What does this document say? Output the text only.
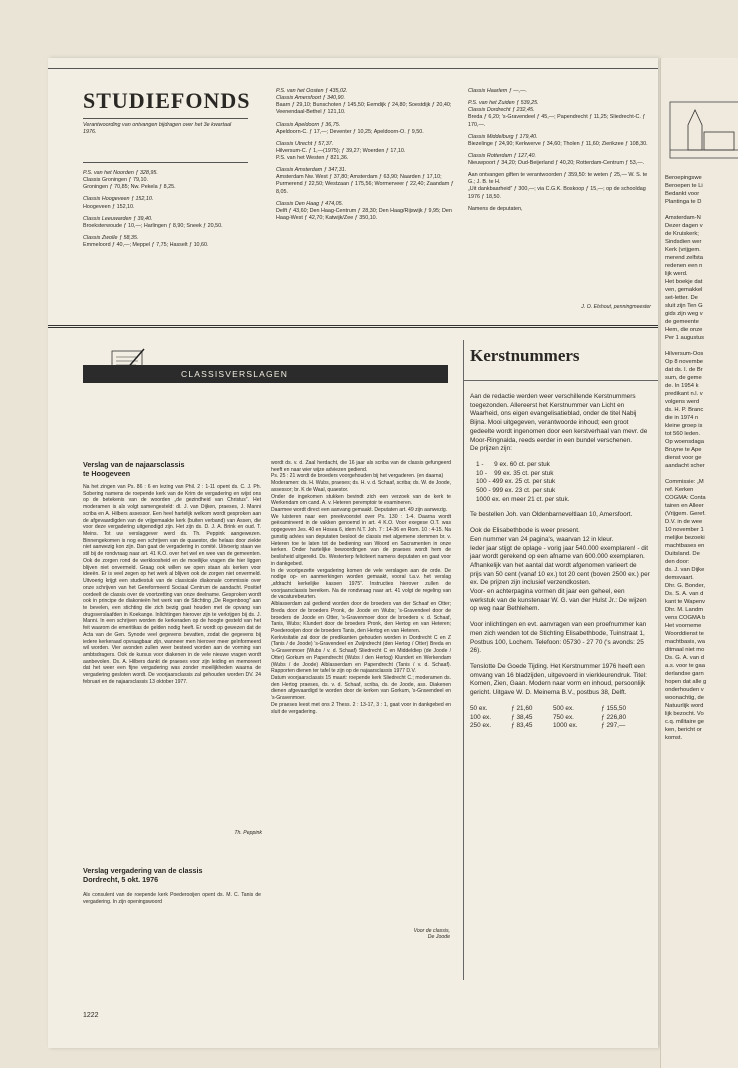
STUDIEFONDS
Verantwoording van ontvangen bijdragen over het 3e kwartaal 1976.

P.S. van het Noorden ƒ 328,95.
Classis Groningen ƒ 79,10.
Groningen ƒ 70,85; Nw. Pekela ƒ 8,25.

Classis Hoogeveen ƒ 152,10.
Hoogeveen ƒ 152,10.

Classis Leeuwarden ƒ 39,40.
Broeksterwoude ƒ 10,—; Harlingen ƒ 8,90; Sneek ƒ 20,50.

Classis Zwolle ƒ 58,35.
Emmeloord ƒ 40,—; Meppel ƒ 7,75; Hasselt ƒ 10,60.

P.S. van het Oosten ƒ 435,02.
Classis Amersfoort ƒ 340,90.
Baarn ƒ 29,10; Bunschoten ƒ 145,50; Eemdijk ƒ 24,80; Soestdijk ƒ 20,40; Veenendaal-Bethel ƒ 121,10.

Classis Apeldoorn ƒ 36,75.
Apeldoorn-C. ƒ 17,—; Deventer ƒ 10,25; Apeldoorn-O. ƒ 9,50.

Classis Utrecht ƒ 57,37.
Hilversum-C. ƒ 1,—(1975); ƒ 39,27; Woerden ƒ 17,10.
P.S. van het Westen ƒ 821,36.

Classis Amsterdam ƒ 347,31.
Amsterdam Nw. West ƒ 37,80; Amsterdam ƒ 63,90; Naarden ƒ 17,10; Purmerend ƒ 22,50; Westzaan ƒ 175,56; Wormerveer ƒ 22,40; Zaandam ƒ 8,05.

Classis Den Haag ƒ 474,05.
Delft ƒ 43,60; Den Haag-Centrum ƒ 28,30; Den Haag/Rijswijk ƒ 9,95; Den Haag-West ƒ 42,70; Katwijk/Zee ƒ 350,10.

Classis Haarlem ƒ —,—.

P.S. van het Zuiden ƒ 539,25.
Classis Dordrecht ƒ 232,45.
Breda ƒ 6,20; 's-Gravendeel ƒ 45,—; Papendrecht ƒ 11,25; Sliedrecht-C. ƒ 170,—.

Classis Middelburg ƒ 179,40.
Biezelinge ƒ 24,90; Kerkwerve ƒ 34,60; Tholen ƒ 11,60; Zierikzee ƒ 108,30.

Classis Rotterdam ƒ 127,40.
Nieuwpoort ƒ 34,20; Oud-Beijerland ƒ 40,20; Rotterdam-Centrum ƒ 53,—.

Aan ontvangen giften te verantwoorden ƒ 359,50: te weten ƒ 25,— W. S. te G.; J. B. te H.
„Uit dankbaarheid” ƒ 300,—; via C.G.K. Boskoop ƒ 15,—; op de schooldag 1976 ƒ 18,50.

Namens de deputaten,

J. O. Elshout, penningmeester
CLASSISVERSLAGEN
Verslag van de najaarsclassis
te Hoogeveen
Na het zingen van Ps. 86 : 6 en lezing van Phil. 2 : 1-11 opent ds. C. J. Ph. Sobering namens de roepende kerk van de Krim de vergadering en wijst ons op de betekenis van de woorden „de gezindheid van Christus”. Het moderamen is als volgt samengesteld: dl. J. van Dijken, praeses, J. Manni scriba en A. Hilbers assessor. Een heel hartelijk welkom wordt gesproken aan de afgevaardigden van de vrijgemaakte kerk (buiten verband) van Assen, die voor deze vergadering uitgenodigd zijn. Het zijn ds. D. J. A. Brink en oud. T. Meins. Tot uw verslaggever werd ds. Th. Peppink aangewezen. Binnengekomen is nog een schrijven van de quaestor, die helaas door ziekte niet aanwezig kon zijn. Dan gaat de vergadering in comité. Uitvoerig staan we stil bij de rondvraag naar art. 41 K.O. over het wel en wee van de gemeenten. Ook de zorgen rond de werkloosheid en de moeilijke vragen die hier liggen blijven niet onvermeld. Graag ook willen we open staan als kerken voor ideeën. Er is veel zegen op het werk al blijven ook de zorgen niet onvermeld. Uitvoerig krijgt een studiestuk van de classicale diakonale commissie over onze schrijven van het Gereformeerd Sociaal Centrum de aandacht. Positief oordeelt de classis over de voortzetting van onze deelname. Gesproken wordt ook in principe de diakonieën het werk van de Stichting „De Regenboog” aan te bevelen, een stichting die zich bezig gaat houden met de opvang van drugsverslaafden in Koekange. Inlichtingen hierover zijn te verkrijgen bij ds. J. Manni. In een schrijven worden de kerkeraden op de hoogte gesteld van het feit waarom de emeritikas de gelden nodig heeft. Er wordt op gewezen dat de Acta van de Gen. Synode veel gegevens bevatten, zodat die gegevens bij iedere kerkeraad opvraagbaar zijn, wanneer men hierover meer geïnformeerd wil worden. Vier avonden zullen weer besteed worden aan de vorming van ambtsdragers. Ook de kursus voor diakenen in de vele nieuwe vragen wordt aanbevolen. Ds. A. Hilbers dankt de praeses voor zijn leiding en memoreert dat het weer een fijne vergadering was zonder moeilijkheden waarna de vergadering gesloten wordt. De voorjaarsclassis zal gehouden worden DV. 24 februari en de najaarsclassis 13 oktober 1977.
Th. Peppink
Verslag vergadering van de classis
Dordrecht, 5 okt. 1976
Als consulent van de roepende kerk Poederooijen opent ds. M. C. Tanis de vergadering. In zijn openingswoord
wordt ds. v. d. Zaal herdacht, die 16 jaar als scriba van de classis gefungeerd heeft en naar wier wijze adviezen gediend.
Ps. 25 : 21 wordt de broeders voorgehouden bij het vergaderen. (en daarna)
Moderamen: ds. H. Wubs, praeses; ds. H. v. d. Schaaf, scriba; ds. W. de Joode, assessor; br. K de Waal, quaestor.
Onder de ingekomen stukken bevindt zich een verzoek van de kerk te Werkendam om cand. A. v. Heteren peremptoir te examineren.
Daarmee wordt direct een aanvang gemaakt. Deputaten art. 49 zijn aanwezig.
We luisteren naar een preekvoorstel over Ps. 130 : 1-4. Daarna wordt geëxamineerd in de vakken genoemd in art. 4 K.O. Voor exegese O.T. was opgegeven Jes. 40 en Hosea 6, idem N.T. Joh. 7 : 14-36 en Rom. 10 : 4-15. Na gunstig advies van deputaten besloot de classis met algemene stemmen br. v. Heteren toe te laten tot de bediening van Woord en Sacramenten in onze kerken. Onder hartelijke bewoordingen van de praeses wordt hem de beslisheid uitgereikt. Ds. Westerterp feliciteert namens deputaten en gaat voor in dankgebed.
In de voortgezette vergadering komen de vele verslagen aan de orde. De nodige op- en aanmerkingen worden gemaakt, vooral t.a.v. het verslag „afdracht kerkelijke kassen 1975”. Instructies hierover zullen de voorjaarsclassis bereiken. Na de rondvraag naar art. 41 volgt de regeling van de vacaturebeurten.
Alblasserdam zal gediend worden door de broeders van der Schaaf en Otter; Breda door de broeders Pronk, de Joode en Wubs; 's-Gravendeel door de broeders de Joode en Otter, 's-Gravenmoer door de broeders v. d. Schaaf, Tanis, Wubs; Klundert door de broeders Pronk, den Hertog en van Heteren; Poederooijen door de broeders Tanis, den Hertog en van Heteren.
Kerkvisitatie zal door de predikanten gehouden worden in Dordrecht C en Z (Tanis / de Joode) 's-Gravendeel en Zwijndrecht (den Hertog / Otter) Breda en 's-Gravenmoer (Wubs / v. d. Schaaf) Sliedrecht C en Middeldiep (de Joode / Otter) Gorkum en Papendrecht (Wubs / den Hertog) Klundert en Werkendam (Wubs / de Joode) Alblasserdam en Papendrecht (Tanis / v. d. Schaaf). Rapporten dienen ter tafel te zijn op de najaarsclassis 1977 D.V.
Datum voorjaarsclassis 15 maart: roepende kerk Sliedrecht C.; moderamen ds. den Hertog praeses, ds. v. d. Schaaf, scriba, ds. de Joode, ass. Diakenen dienen afgevaardigd te worden door de kerken van Gorkum, 's-Gravendeel en 's-Gravenmoer.
De praeses leest met ons 2 Thess. 2 : 13-17, 3 : 1, gaat voor in dankgebed en sluit de vergadering.
Voor de classis,
De Joode
1222
Kerstnummers

Aan de redactie werden weer verschillende Kerstnummers toegezonden. Allereerst het Kerstnummer van Licht en Waarheid, ons eigen evangelisatieblad, onder de titel Nabij Bijna. Mooi uitgegeven, verantwoorde inhoud; een groot gedeelte wordt ingenomen door een kerstverhaal van mevr. de Moor-Ringnalda, reeds eerder in een bundel verschenen.
De prijzen zijn:

1 -      9 ex. 60 ct. per stuk
10 -    99 ex. 35 ct. per stuk
100 - 499 ex. 25 ct. per stuk
500 - 999 ex. 23 ct. per stuk
1000 ex. en meer 21 ct. per stuk.

Te bestellen Joh. van Oldenbarneveltlaan 10, Amersfoort.

Ook de Elisabethbode is weer present.
Een nummer van 24 pagina's, waarvan 12 in kleur.
Ieder jaar stijgt de oplage - vorig jaar 540.000 exemplaren! - dit jaar wordt gerekend op een afname van 600.000 exemplaren. Afhankelijk van het aantal dat wordt afgenomen varieert de prijs van 50 cent (vanaf 10 ex.) tot 20 cent (boven 2500 ex.) per ex. De prijzen zijn inclusief verzendkosten.
Voor- en achterpagina vormen dit jaar een geheel, een werkstuk van de kunstenaar W. G. van der Hulst Jr.: De wijzen op weg naar Bethlehem.

Voor inlichtingen en evt. aanvragen van een proefnummer kan men zich wenden tot de Stichting Elisabethbode, Tuinstraat 1, Postbus 100, Lochem. Telefoon: 05730 - 27 70 ('s avonds: 25 26).

Tenslotte De Goede Tijding. Het Kerstnummer 1976 heeft een omvang van 16 bladzijden, uitgevoerd in vierkleurendruk. Titel: Komen, Zien, Gaan. Modern naar vorm en inhoud, persoonlijk gericht. Uitgave W. D. Meinema B.V., postbus 38, Delft.

50 ex.	ƒ 21,60	500 ex.	ƒ 155,50
100 ex.	ƒ 38,45	750 ex.	ƒ 226,80
250 ex.	ƒ 83,45	1000 ex.	ƒ 297,—
Beroepingswe
Beroepen te Li
Bedankt voor
Plantinga te D
Amsterdam-N
Dezer dagen v
de Kruiskerk;
Sindsdien wer
Kerk (vrijgem.
merend zelfsta
redenen een n
lijk werd.
Het boekje dat
ven, gemakkel
set-letter. De
sluit zijn Ten G
gids zijn weg v
de gemeente
Hem, die onze
Per 1 augustus
Hilversum-Oos
Op 8 novembe
dat ds. I. de Br
sum, de geme
de. In 1954 k
predikant n.l. v
volgens werd
ds. H. P. Branc
die in 1974 n
kleine groep is
tot 560 leden.
Op woensdaga
Bruyne te Ape
dienst voor ge
aandacht scher
Commissie: „M
ref. Kerken
COGMA: Conta
tairen en Alleer
(Vrijgem. Geref.
D.V. in de wee
10 november 1
melijke bezoeki
machtbases en
Duitsland. De
den door:
ds. J. van Dijke
demsvaart.
Dhr. G. Bonder,
Ds. S. A. van d
kant te Wapenv
Dhr. M. Landm
vens COGMA b
Het voorneme
Woorddienst te
machtbasis, wa
ditmaal niet mo
Ds. G. A. van d
a.s. voor te gaa
derlandse garn
hopen dat alle g
onderhouden v
woonachtig, de
Natuurlijk word
lijk bezocht. Vo
c.q. militaire ge
ken, bericht or
komst.
